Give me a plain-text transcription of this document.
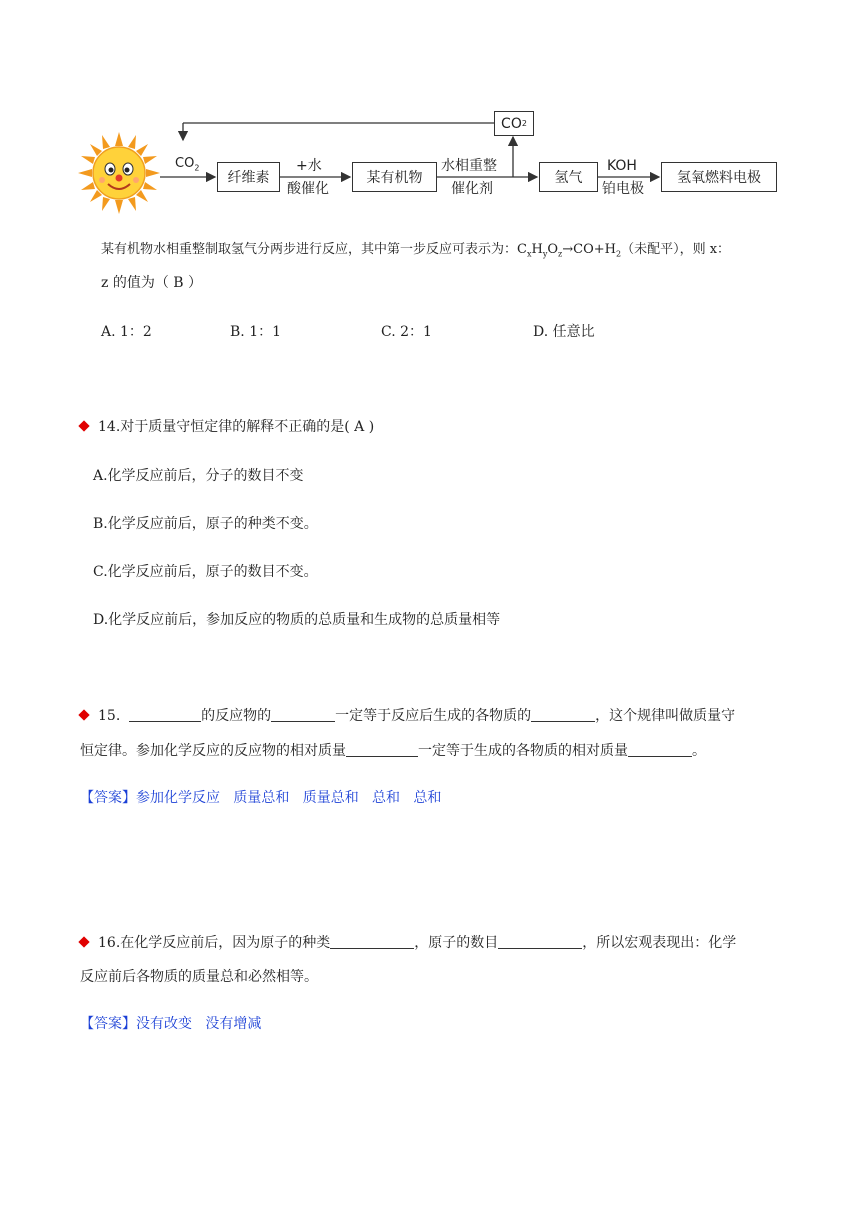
CO 2
$CO_2$
纤维素
+水
酸催化
某有机物
水相重整
催化剂
氢气
KOH
铂电极
氢氧燃料电极
某有机物水相重整制取氢气分两步进行反应，其中第一步反应可表示为：$C_xH_yO_z\to CO+H_2$（未配平），则 x：
z 的值为（ B ）
A. 1：2	B. 1：1	C. 2：1	D. 任意比
14.对于质量守恒定律的解释不正确的是( A )
A.化学反应前后，分子的数目不变
B.化学反应前后，原子的种类不变。
C.化学反应前后，原子的数目不变。
D.化学反应前后，参加反应的物质的总质量和生成物的总质量相等
15.	的反应物的	一定等于反应后生成的各物质的	，这个规律叫做质量守
恒定律。参加化学反应的反应物的相对质量	一定等于生成的各物质的相对质量	。
【答案】参加化学反应   质量总和   质量总和   总和   总和
16.在化学反应前后，因为原子的种类	，原子的数目	，所以宏观表现出：化学
反应前后各物质的质量总和必然相等。
【答案】没有改变   没有增减
